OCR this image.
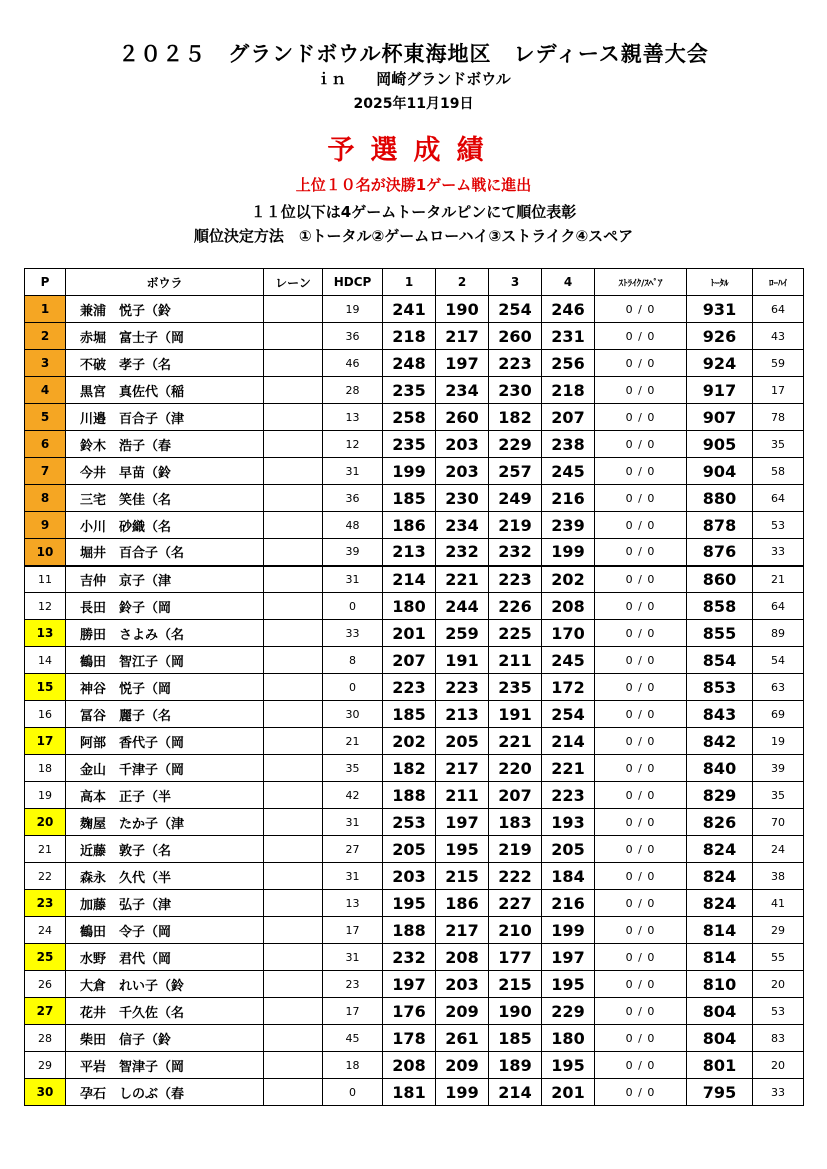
２０２５　グランドボウル杯東海地区　レディース親善大会
ｉｎ　　岡崎グランドボウル
2025年11月19日
予選成績
上位１０名が決勝1ゲーム戦に進出
１１位以下は4ゲームトータルピンにて順位表彰
順位決定方法　①トータル②ゲームローハイ③ストライク④スペア
P	ボウラ	レーン	HDCP	1	2	3	4	ｽﾄﾗｲｸ/ｽﾍﾟｱ	ﾄｰﾀﾙ	ﾛｰﾊｲ
1	兼浦　悦子（鈴		19	241	190	254	246	0 / 0	931	64
2	赤堀　富士子（岡		36	218	217	260	231	0 / 0	926	43
3	不破　孝子（名		46	248	197	223	256	0 / 0	924	59
4	黒宮　真佐代（稲		28	235	234	230	218	0 / 0	917	17
5	川邉　百合子（津		13	258	260	182	207	0 / 0	907	78
6	鈴木　浩子（春		12	235	203	229	238	0 / 0	905	35
7	今井　早苗（鈴		31	199	203	257	245	0 / 0	904	58
8	三宅　笑佳（名		36	185	230	249	216	0 / 0	880	64
9	小川　砂織（名		48	186	234	219	239	0 / 0	878	53
10	堀井　百合子（名		39	213	232	232	199	0 / 0	876	33
11	吉仲　京子（津		31	214	221	223	202	0 / 0	860	21
12	長田　鈴子（岡		0	180	244	226	208	0 / 0	858	64
13	勝田　さよみ（名		33	201	259	225	170	0 / 0	855	89
14	鶴田　智江子（岡		8	207	191	211	245	0 / 0	854	54
15	神谷　悦子（岡		0	223	223	235	172	0 / 0	853	63
16	冨谷　麗子（名		30	185	213	191	254	0 / 0	843	69
17	阿部　香代子（岡		21	202	205	221	214	0 / 0	842	19
18	金山　千津子（岡		35	182	217	220	221	0 / 0	840	39
19	高本　正子（半		42	188	211	207	223	0 / 0	829	35
20	麹屋　たか子（津		31	253	197	183	193	0 / 0	826	70
21	近藤　敦子（名		27	205	195	219	205	0 / 0	824	24
22	森永　久代（半		31	203	215	222	184	0 / 0	824	38
23	加藤　弘子（津		13	195	186	227	216	0 / 0	824	41
24	鶴田　令子（岡		17	188	217	210	199	0 / 0	814	29
25	水野　君代（岡		31	232	208	177	197	0 / 0	814	55
26	大倉　れい子（鈴		23	197	203	215	195	0 / 0	810	20
27	花井　千久佐（名		17	176	209	190	229	0 / 0	804	53
28	柴田　信子（鈴		45	178	261	185	180	0 / 0	804	83
29	平岩　智津子（岡		18	208	209	189	195	0 / 0	801	20
30	孕石　しのぶ（春		0	181	199	214	201	0 / 0	795	33
